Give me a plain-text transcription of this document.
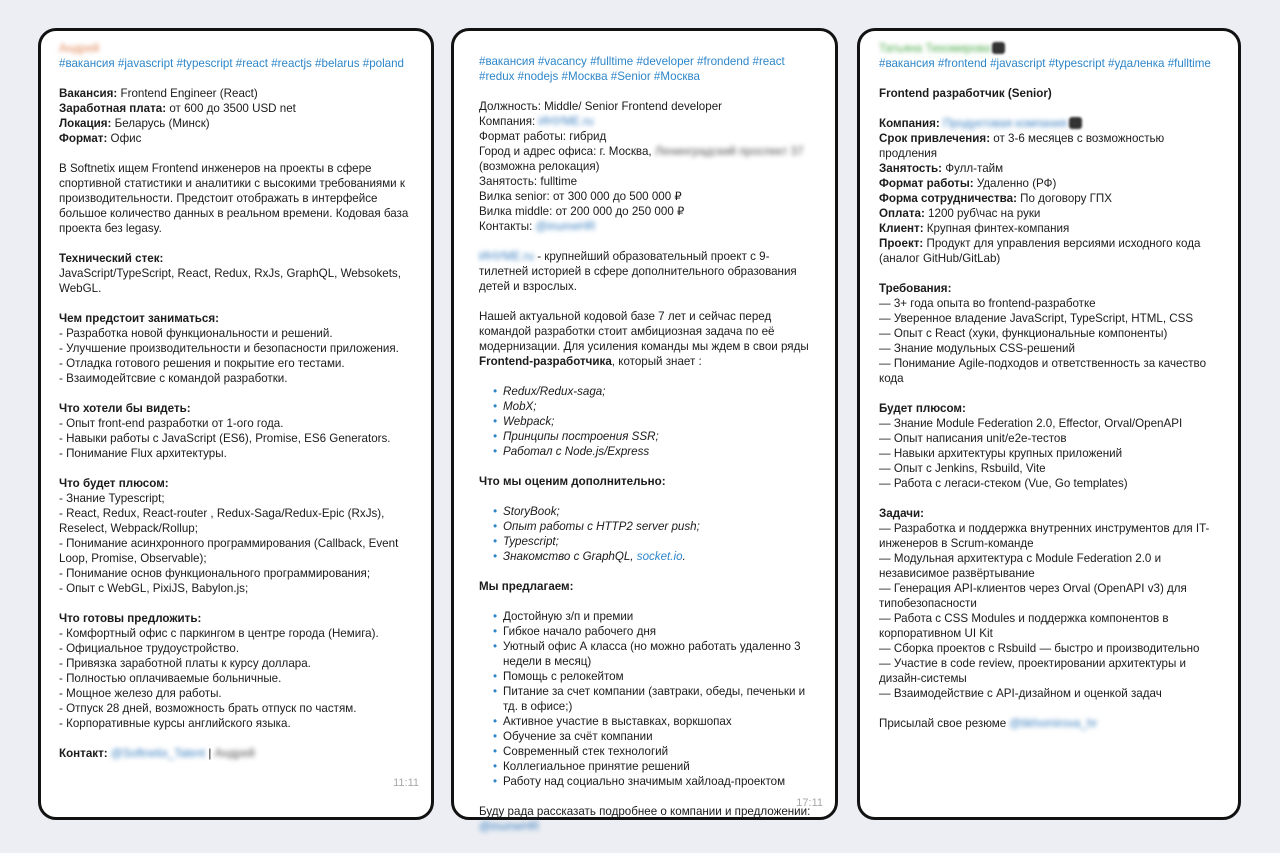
Андрей
#вакансия #javascript #typescript #react #reactjs #belarus #poland
Вакансия: Frontend Engineer (React)
Заработная плата: от 600 до 3500 USD net
Локация: Беларусь (Минск)
Формат: Офис
В Softnetix ищем Frontend инженеров на проекты в сфере спортивной статистики и аналитики с высокими требованиями к производительности. Предстоит отображать в интерфейсе большое количество данных в реальном времени. Кодовая база проекта без legasy.
Технический стек:
JavaScript/TypeScript, React, Redux, RxJs, GraphQL, Websokets, WebGL.
Чем предстоит заниматься:
- Разработка новой функциональности и решений.
- Улучшение производительности и безопасности приложения.
- Отладка готового решения и покрытие его тестами.
- Взаимодейтсвие с командой разработки.
Что хотели бы видеть:
- Опыт front-end разработки от 1-ого года.
- Навыки работы с JavaScript (ES6), Promise, ES6 Generators.
- Понимание Flux архитектуры.
Что будет плюсом:
- Знание Typescript;
- React, Redux, React-router , Redux-Saga/Redux-Epic (RxJs), Reselect, Webpack/Rollup;
- Понимание асинхронного программирования (Callback, Event Loop, Promise, Observable);
- Понимание основ функционального программирования;
- Опыт с WebGL, PixiJS, Babylon.js;
Что готовы предложить:
- Комфортный офис с паркингом в центре города (Немига).
- Официальное трудоустройство.
- Привязка заработной платы к курсу доллара.
- Полностью оплачиваемые больничные.
- Мощное железо для работы.
- Отпуск 28 дней, возможность брать отпуск по частям.
- Корпоративные курсы английского языка.
Контакт: @Softnetix_Talent | Андрей
11:11
#вакансия #vacancy #fulltime #developer #frondend #react #redux #nodejs #Москва #Senior #Москва
Должность: Middle/ Senior Frontend developer
Компания: ИНУМЕ.ru
Формат работы: гибрид
Город и адрес офиса: г. Москва, Ленинградский проспект 37
(возможна релокация)
Занятость: fulltime
Вилка senior: от 300 000 до 500 000 ₽
Вилка middle: от 200 000 до 250 000 ₽
Контакты: @inumeHR
ИНУМЕ.ru - крупнейший образовательный проект с 9-тилетней историей в сфере дополнительного образования детей и взрослых.
Нашей актуальной кодовой базе 7 лет и сейчас перед командой разработки стоит амбициозная задача по её модернизации. Для усиления команды мы ждем в свои ряды Frontend-разработчика, который знает :
• Redux/Redux-saga;
• MobX;
• Webpack;
• Принципы построения SSR;
• Работал с Node.js/Express
Что мы оценим дополнительно:
• StoryBook;
• Опыт работы с HTTP2 server push;
• Typescript;
• Знакомство с GraphQL, socket.io.
Мы предлагаем:
• Достойную з/п и премии
• Гибкое начало рабочего дня
• Уютный офис А класса (но можно работать удаленно 3 недели в месяц)
• Помощь с релокейтом
• Питание за счет компании (завтраки, обеды, печеньки и тд. в офисе;)
• Активное участие в выставках, воркшопах
• Обучение за счёт компании
• Современный стек технологий
• Коллегиальное принятие решений
• Работу над социально значимым хайлоад-проектом
Буду рада рассказать подробнее о компании и предложении:
@inumeHR
17:11
Татьяна Тихомирова
#вакансия #frontend #javascript #typescript #удаленка #fulltime
Frontend разработчик (Senior)
Компания: Продуктовая компания
Срок привлечения: от 3-6 месяцев с возможностью продления
Занятость: Фулл-тайм
Формат работы: Удаленно (РФ)
Форма сотрудничества: По договору ГПХ
Оплата: 1200 руб\час на руки
Клиент: Крупная финтех-компания
Проект: Продукт для управления версиями исходного кода (аналог GitHub/GitLab)
Требования:
— 3+ года опыта во frontend-разработке
— Уверенное владение JavaScript, TypeScript, HTML, CSS
— Опыт с React (хуки, функциональные компоненты)
— Знание модульных CSS-решений
— Понимание Agile-подходов и ответственность за качество кода
Будет плюсом:
— Знание Module Federation 2.0, Effector, Orval/OpenAPI
— Опыт написания unit/e2e-тестов
— Навыки архитектуры крупных приложений
— Опыт с Jenkins, Rsbuild, Vite
— Работа с легаси-стеком (Vue, Go templates)
Задачи:
— Разработка и поддержка внутренних инструментов для IT-инженеров в Scrum-команде
— Модульная архитектура с Module Federation 2.0 и независимое развёртывание
— Генерация API-клиентов через Orval (OpenAPI v3) для типобезопасности
— Работа с CSS Modules и поддержка компонентов в корпоративном UI Kit
— Сборка проектов с Rsbuild — быстро и производительно
— Участие в code review, проектировании архитектуры и дизайн-системы
— Взаимодействие с API-дизайном и оценкой задач
Присылай свое резюме @tikhomirova_hr
